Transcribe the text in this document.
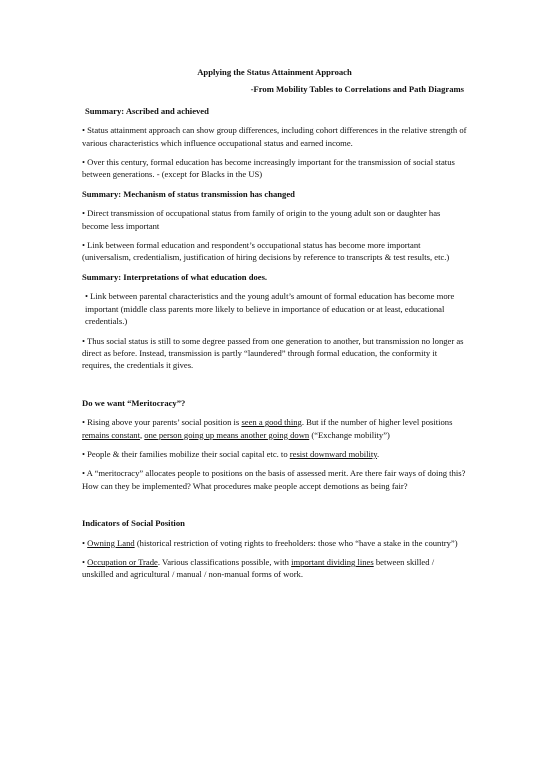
Applying the Status Attainment Approach

-From Mobility Tables to Correlations and Path Diagrams

Summary: Ascribed and achieved

• Status attainment approach can show group differences, including cohort differences in the relative strength of various characteristics which influence occupational status and earned income.

• Over this century, formal education has become increasingly important for the transmission of social status between generations. - (except for Blacks in the US)

Summary: Mechanism of status transmission has changed

• Direct transmission of occupational status from family of origin to the young adult son or daughter has become less important

• Link between formal education and respondent’s occupational status has become more important (universalism, credentialism, justification of hiring decisions by reference to transcripts & test results, etc.)

Summary: Interpretations of what education does.

• Link between parental characteristics and the young adult’s amount of formal education has become more important (middle class parents more likely to believe in importance of education or at least, educational credentials.)

• Thus social status is still to some degree passed from one generation to another, but transmission no longer as direct as before. Instead, transmission is partly “laundered” through formal education, the conformity it requires, the credentials it gives.

Do we want “Meritocracy”?

• Rising above your parents’ social position is seen a good thing. But if the number of higher level positions remains constant, one person going up means another going down (“Exchange mobility”)

• People & their families mobilize their social capital etc. to resist downward mobility.

• A “meritocracy” allocates people to positions on the basis of assessed merit. Are there fair ways of doing this? How can they be implemented? What procedures make people accept demotions as being fair?

Indicators of Social Position

• Owning Land (historical restriction of voting rights to freeholders: those who “have a stake in the country”)

• Occupation or Trade. Various classifications possible, with important dividing lines between skilled / unskilled and agricultural / manual / non-manual forms of work.
